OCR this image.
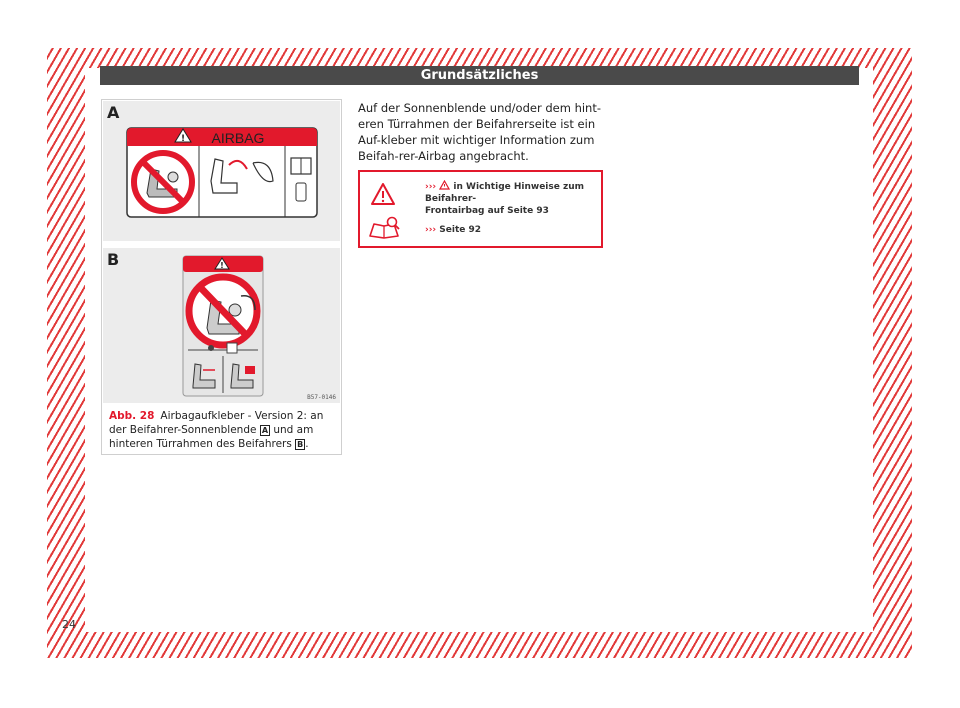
Grundsätzliches
A
! AIRBAG
B	!
B57-0146
Abb. 28 Airbagaufkleber - Version 2: an der Beifahrer-Sonnenblende A und am hinteren Türrahmen des Beifahrers B .
Auf der Sonnenblende und/oder dem hint-eren Türrahmen der Beifahrerseite ist ein Auf-kleber mit wichtiger Information zum Beifah-rer-Airbag angebracht.
››› in Wichtige Hinweise zum Beifahrer-
Frontairbag auf Seite 93
››› Seite 92
24
